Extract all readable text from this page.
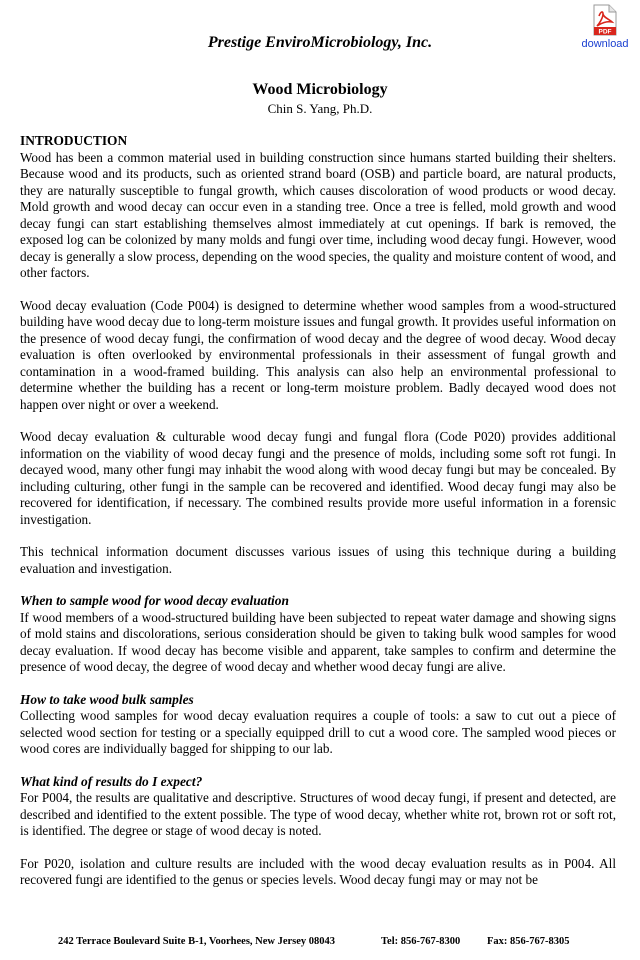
Prestige EnviroMicrobiology, Inc.
PDF
download
Wood Microbiology
Chin S. Yang, Ph.D.
INTRODUCTION

Wood has been a common material used in building construction since humans started building their shelters. Because wood and its products, such as oriented strand board (OSB) and particle board, are natural products, they are naturally susceptible to fungal growth, which causes discoloration of wood products or wood decay. Mold growth and wood decay can occur even in a standing tree. Once a tree is felled, mold growth and wood decay fungi can start establishing themselves almost immediately at cut openings. If bark is removed, the exposed log can be colonized by many molds and fungi over time, including wood decay fungi. However, wood decay is generally a slow process, depending on the wood species, the quality and moisture content of wood, and other factors.

Wood decay evaluation (Code P004) is designed to determine whether wood samples from a wood-structured building have wood decay due to long-term moisture issues and fungal growth. It provides useful information on the presence of wood decay fungi, the confirmation of wood decay and the degree of wood decay. Wood decay evaluation is often overlooked by environmental professionals in their assessment of fungal growth and contamination in a wood-framed building. This analysis can also help an environmental professional to determine whether the building has a recent or long-term moisture problem. Badly decayed wood does not happen over night or over a weekend.

Wood decay evaluation & culturable wood decay fungi and fungal flora (Code P020) provides additional information on the viability of wood decay fungi and the presence of molds, including some soft rot fungi. In decayed wood, many other fungi may inhabit the wood along with wood decay fungi but may be concealed. By including culturing, other fungi in the sample can be recovered and identified. Wood decay fungi may also be recovered for identification, if necessary. The combined results provide more useful information in a forensic investigation.

This technical information document discusses various issues of using this technique during a building evaluation and investigation.

When to sample wood for wood decay evaluation

If wood members of a wood-structured building have been subjected to repeat water damage and showing signs of mold stains and discolorations, serious consideration should be given to taking bulk wood samples for wood decay evaluation. If wood decay has become visible and apparent, take samples to confirm and determine the presence of wood decay, the degree of wood decay and whether wood decay fungi are alive.

How to take wood bulk samples

Collecting wood samples for wood decay evaluation requires a couple of tools: a saw to cut out a piece of selected wood section for testing or a specially equipped drill to cut a wood core. The sampled wood pieces or wood cores are individually bagged for shipping to our lab.

What kind of results do I expect?

For P004, the results are qualitative and descriptive. Structures of wood decay fungi, if present and detected, are described and identified to the extent possible. The type of wood decay, whether white rot, brown rot or soft rot, is identified. The degree or stage of wood decay is noted.

For P020, isolation and culture results are included with the wood decay evaluation results as in P004. All recovered fungi are identified to the genus or species levels. Wood decay fungi may or may not be

242 Terrace Boulevard Suite B-1, Voorhees, New Jersey 08043	Tel: 856-767-8300	Fax: 856-767-8305
